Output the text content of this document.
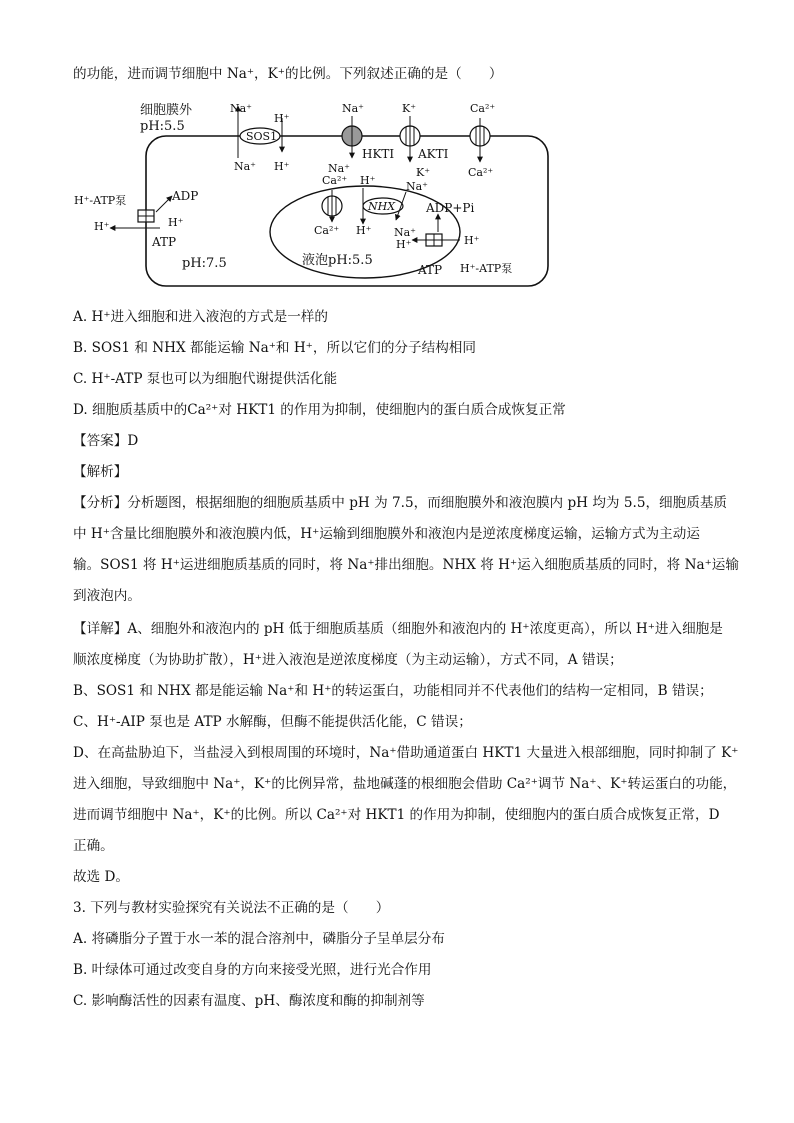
的功能，进而调节细胞中 Na⁺，K⁺的比例。下列叙述正确的是（　　）
细胞膜外
pH:5.5
pH:7.5	液泡pH:5.5
SOS1
Na⁺
Na⁺
H⁺
H⁺
Na⁺
Na⁺
HKTI
K⁺
K⁺
AKTI
Ca²⁺
Ca²⁺
H⁺-ATP泵
H⁺	H⁺
ADP
ATP
Ca²⁺
Ca²⁺
NHX
H⁺
H⁺
Na⁺
Na⁺
ADP+Pi
H⁺	H⁺
ATP H⁺-ATP泵
A. H⁺进入细胞和进入液泡的方式是一样的
B. SOS1 和 NHX 都能运输 Na⁺和 H⁺，所以它们的分子结构相同
C. H⁺-ATP 泵也可以为细胞代谢提供活化能
D. 细胞质基质中的Ca²⁺对 HKT1 的作用为抑制，使细胞内的蛋白质合成恢复正常
【答案】D
【解析】
【分析】分析题图，根据细胞的细胞质基质中 pH 为 7.5，而细胞膜外和液泡膜内 pH 均为 5.5，细胞质基质
中 H⁺含量比细胞膜外和液泡膜内低，H⁺运输到细胞膜外和液泡内是逆浓度梯度运输，运输方式为主动运
输。SOS1 将 H⁺运进细胞质基质的同时，将 Na⁺排出细胞。NHX 将 H⁺运入细胞质基质的同时，将 Na⁺运输
到液泡内。
【详解】A、细胞外和液泡内的 pH 低于细胞质基质（细胞外和液泡内的 H⁺浓度更高），所以 H⁺进入细胞是
顺浓度梯度（为协助扩散），H⁺进入液泡是逆浓度梯度（为主动运输），方式不同，A 错误；
B、SOS1 和 NHX 都是能运输 Na⁺和 H⁺的转运蛋白，功能相同并不代表他们的结构一定相同，B 错误；
C、H⁺-AIP 泵也是 ATP 水解酶，但酶不能提供活化能，C 错误；
D、在高盐胁迫下，当盐浸入到根周围的环境时，Na⁺借助通道蛋白 HKT1 大量进入根部细胞，同时抑制了 K⁺
进入细胞，导致细胞中 Na⁺，K⁺的比例异常，盐地碱蓬的根细胞会借助 Ca²⁺调节 Na⁺、K⁺转运蛋白的功能，
进而调节细胞中 Na⁺，K⁺的比例。所以 Ca²⁺对 HKT1 的作用为抑制，使细胞内的蛋白质合成恢复正常，D
正确。
故选 D。
3. 下列与教材实验探究有关说法不正确的是（　　）
A. 将磷脂分子置于水一苯的混合溶剂中，磷脂分子呈单层分布
B. 叶绿体可通过改变自身的方向来接受光照，进行光合作用
C. 影响酶活性的因素有温度、pH、酶浓度和酶的抑制剂等
